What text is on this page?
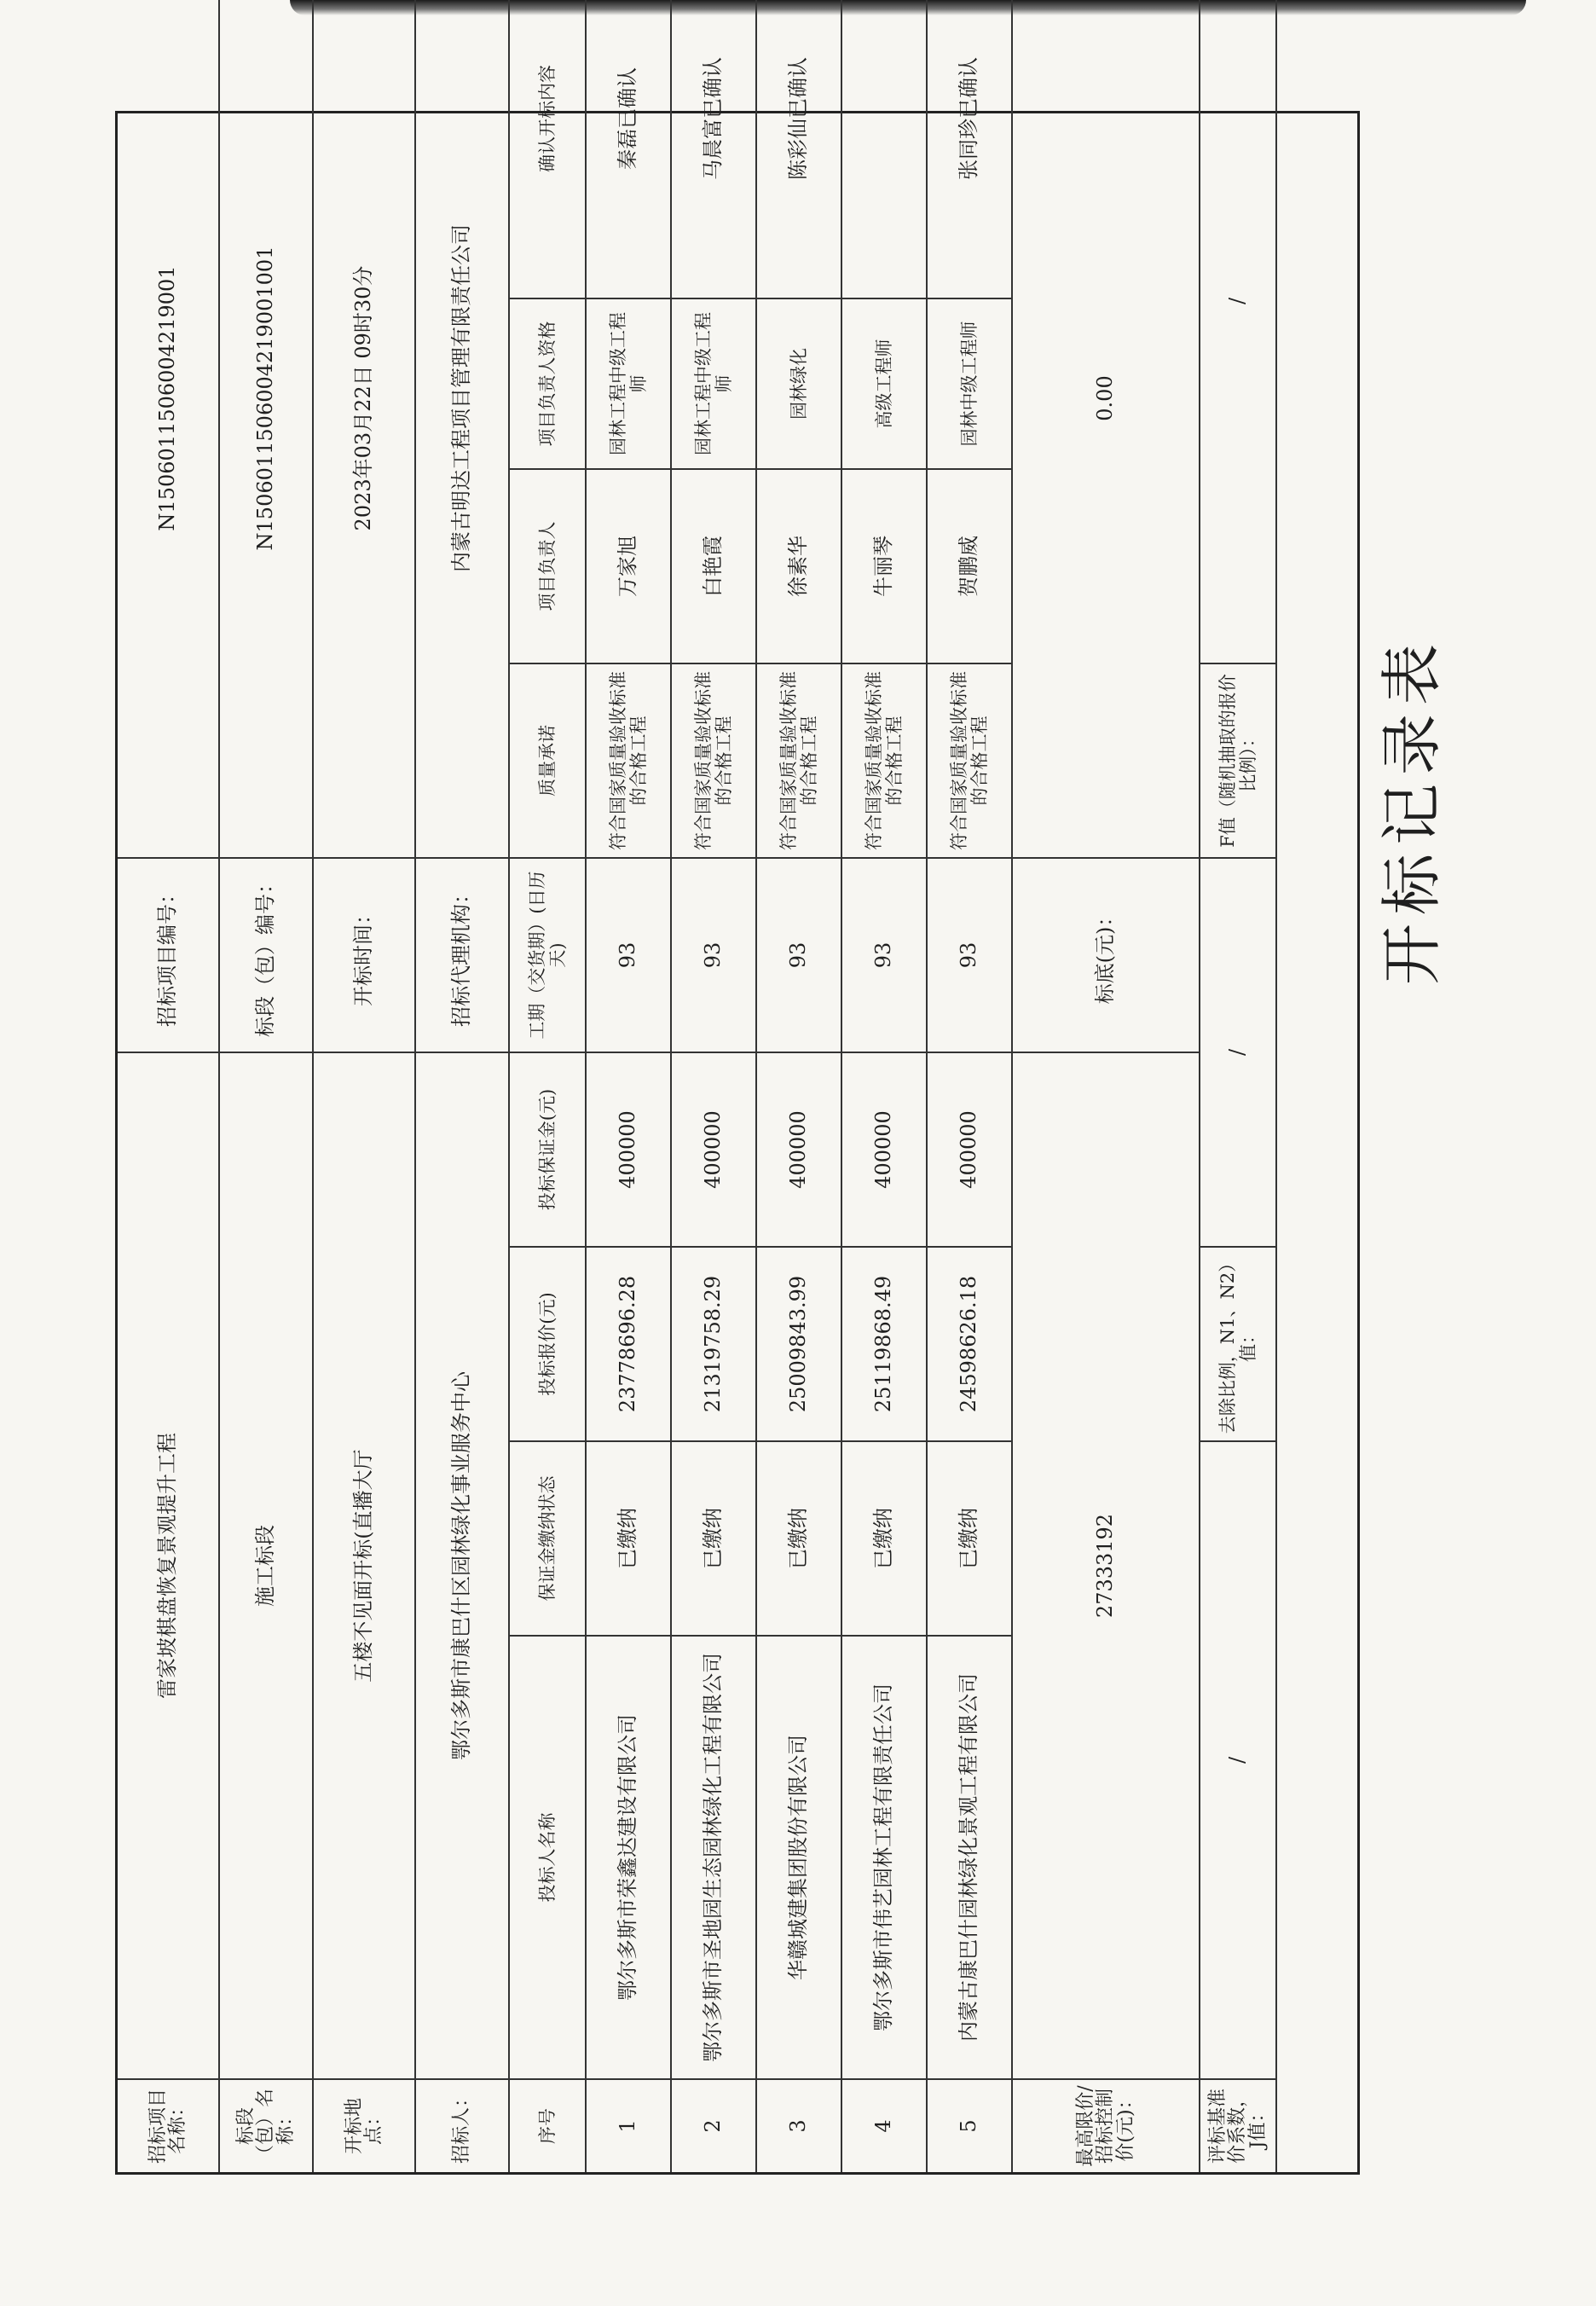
开标记录表
招标项目名称：
雷家坡棋盘恢复景观提升工程
招标项目编号：
N1506011506004219001
标段（包）名称：
施工标段
标段（包）编号：
N1506011506004219001001
开标地点：
五楼不见面开标(直播大厅
开标时间：
2023年03月22日 09时30分
招标人：
鄂尔多斯市康巴什区园林绿化事业服务中心
招标代理机构：
内蒙古明达工程项目管理有限责任公司
序号
投标人名称
保证金缴纳状态
投标报价(元)
投标保证金(元)
工期（交货期）(日历天)
质量承诺
项目负责人
项目负责人资格
确认开标内容
1
鄂尔多斯市荣鑫达建设有限公司
已缴纳
23778696.28
400000
93
符合国家质量验收标准的合格工程
万家旭
园林工程中级工程师
秦磊已确认
2
鄂尔多斯市圣地园生态园林绿化工程有限公司
已缴纳
21319758.29
400000
93
符合国家质量验收标准的合格工程
白艳霞
园林工程中级工程师
马晨富已确认
3
华赣城建集团股份有限公司
已缴纳
25009843.99
400000
93
符合国家质量验收标准的合格工程
徐素华
园林绿化
陈彩仙已确认
4
鄂尔多斯市伟艺园林工程有限责任公司
已缴纳
25119868.49
400000
93
符合国家质量验收标准的合格工程
牛丽琴
高级工程师
5
内蒙古康巴什园林绿化景观工程有限公司
已缴纳
24598626.18
400000
93
符合国家质量验收标准的合格工程
贺鹏威
园林中级工程师
张同珍已确认
最高限价/招标控制价(元)：
27333192
标底(元)：
0.00
评标基准价系数，J值：
/
去除比例，N1、N2）值：
/
F值（随机抽取的报价比例）：
/
